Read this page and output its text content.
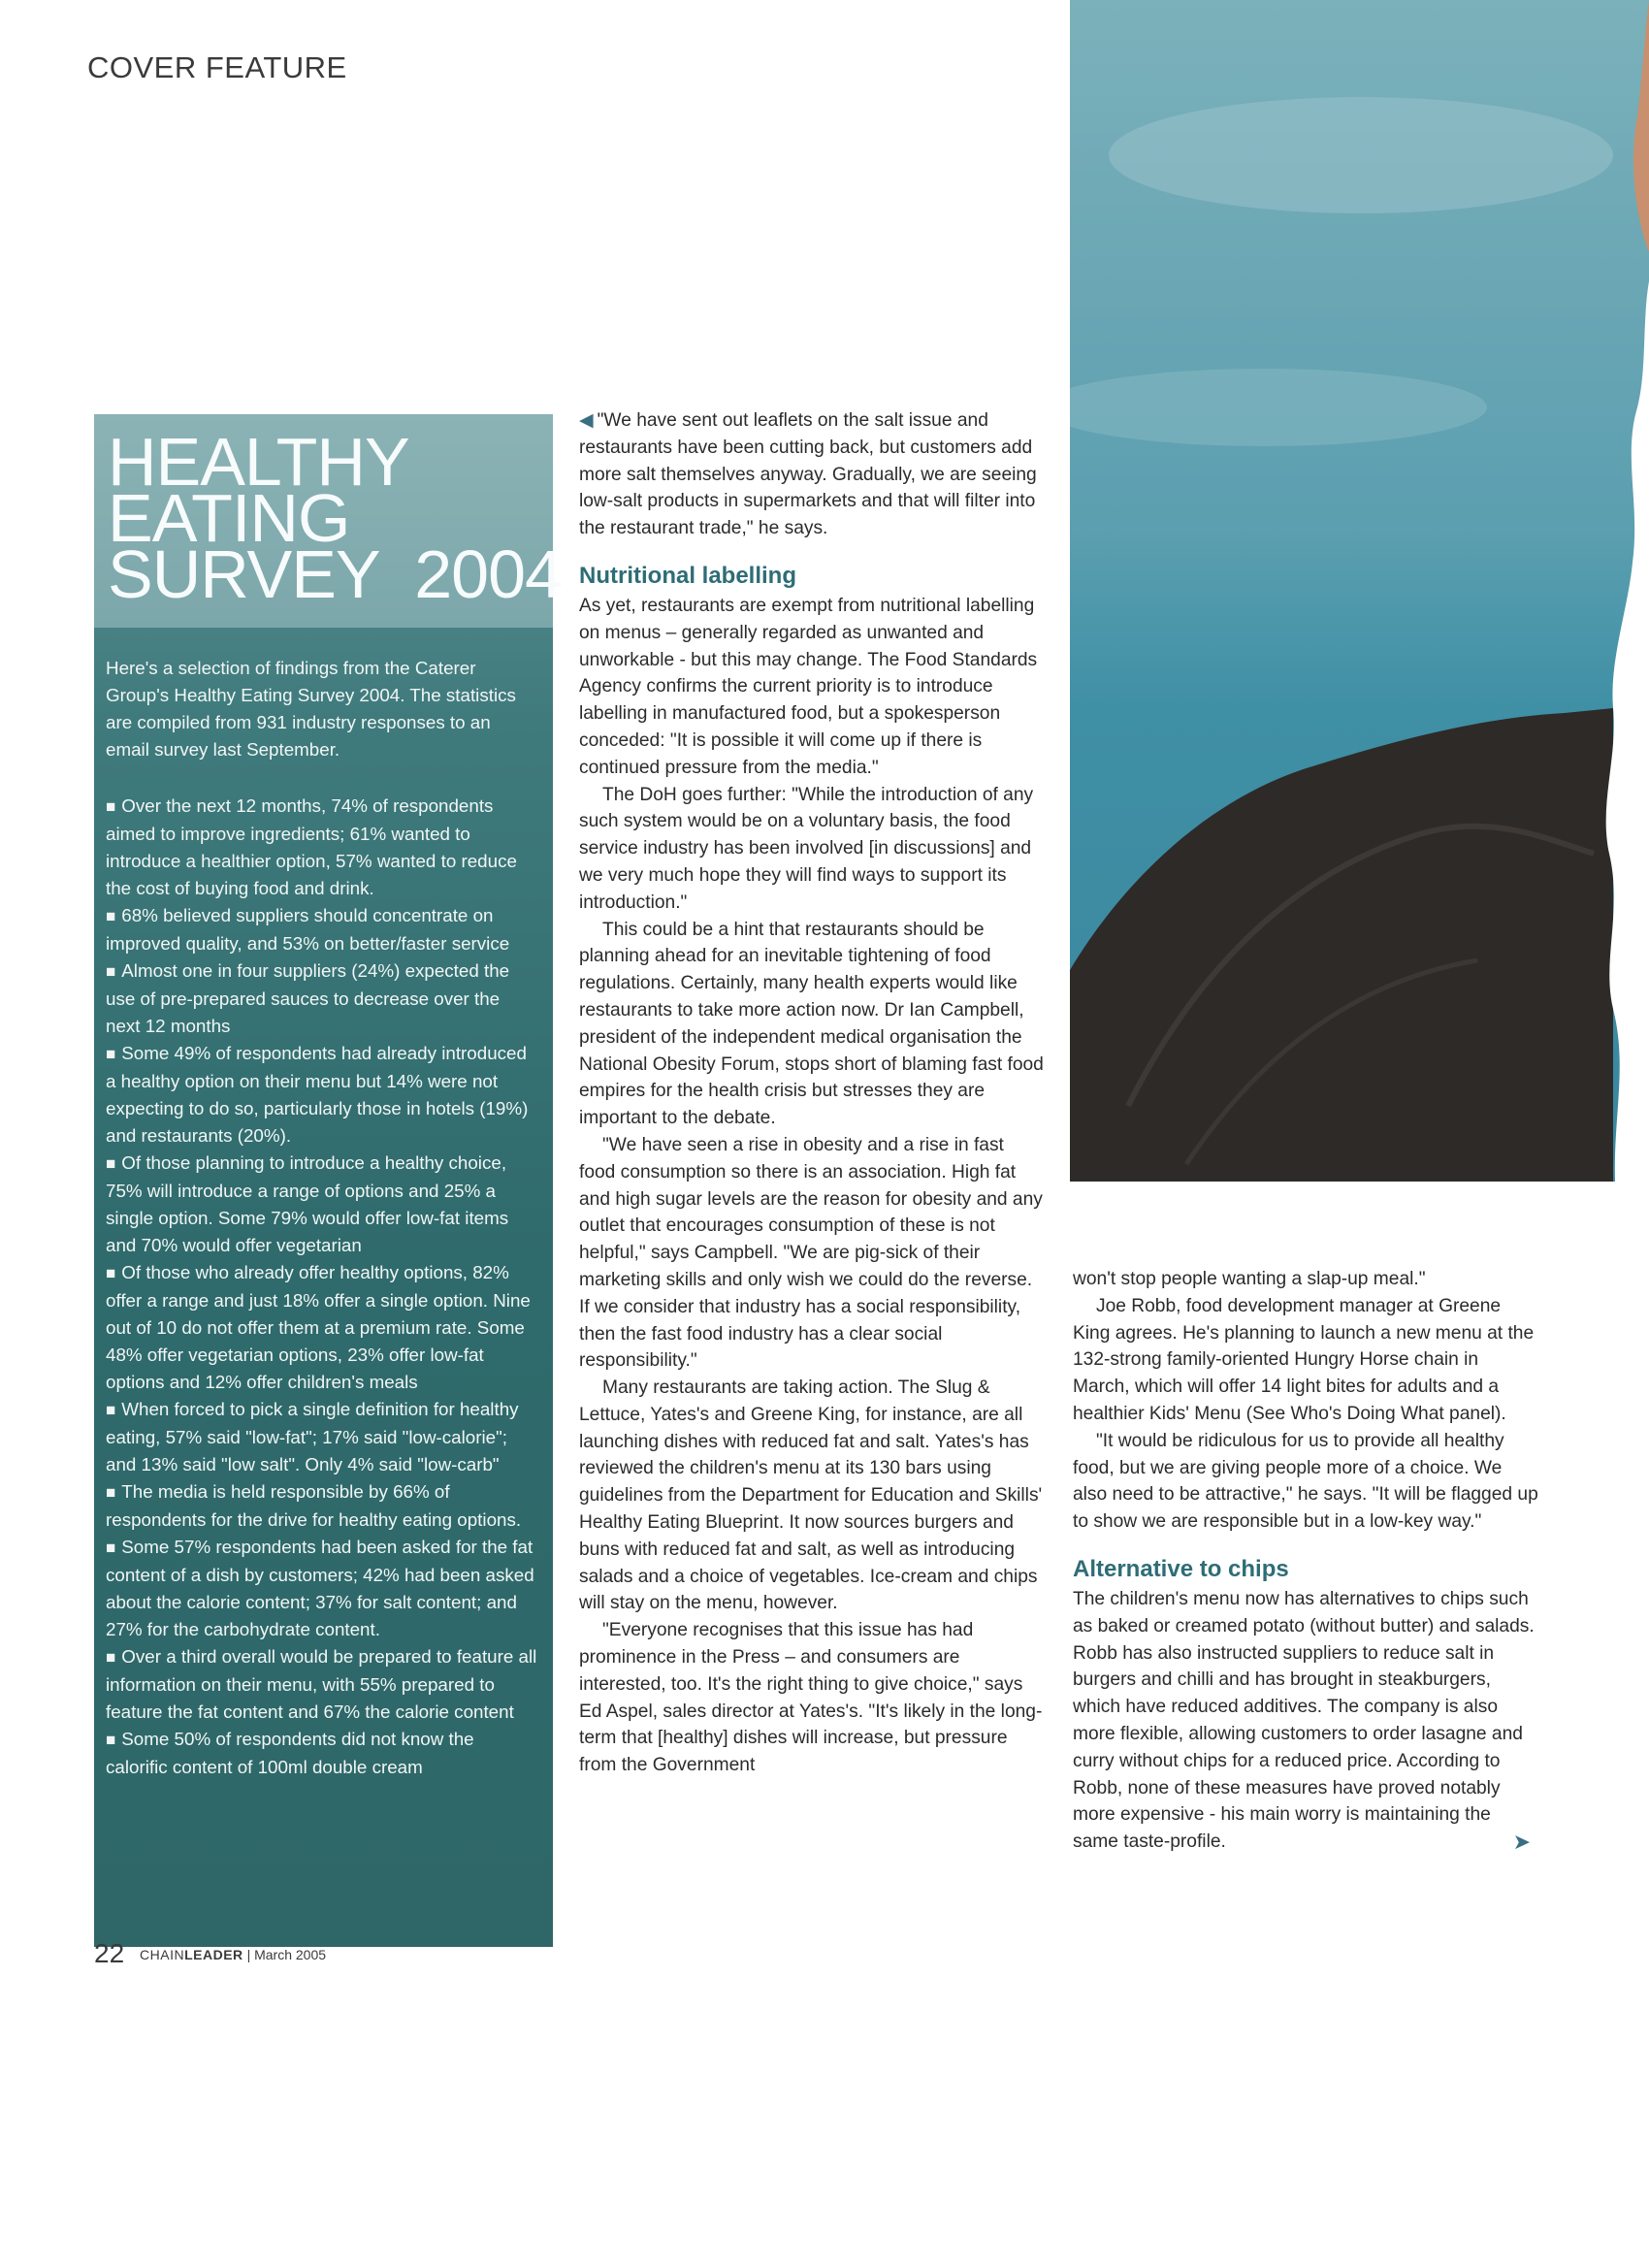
COVER FEATURE
HEALTHY
EATING
SURVEY  2004

Here's a selection of findings from the Caterer Group's Healthy Eating Survey 2004. The statistics are compiled from 931 industry responses to an email survey last September.

■ Over the next 12 months, 74% of respondents aimed to improve ingredients; 61% wanted to introduce a healthier option, 57% wanted to reduce the cost of buying food and drink.

■ 68% believed suppliers should concentrate on improved quality, and 53% on better/faster service

■ Almost one in four suppliers (24%) expected the use of pre-prepared sauces to decrease over the next 12 months

■ Some 49% of respondents had already introduced a healthy option on their menu but 14% were not expecting to do so, particularly those in hotels (19%) and restaurants (20%).

■ Of those planning to introduce a healthy choice, 75% will introduce a range of options and 25% a single option. Some 79% would offer low-fat items and 70% would offer vegetarian

■ Of those who already offer healthy options, 82% offer a range and just 18% offer a single option. Nine out of 10 do not offer them at a premium rate. Some 48% offer vegetarian options, 23% offer low-fat options and 12% offer children's meals

■ When forced to pick a single definition for healthy eating, 57% said "low-fat"; 17% said "low-calorie"; and 13% said "low salt". Only 4% said "low-carb"

■ The media is held responsible by 66% of respondents for the drive for healthy eating options.

■ Some 57% respondents had been asked for the fat content of a dish by customers; 42% had been asked about the calorie content; 37% for salt content; and 27% for the carbohydrate content.

■ Over a third overall would be prepared to feature all information on their menu, with 55% prepared to feature the fat content and 67% the calorie content

■ Some 50% of respondents did not know the calorific content of 100ml double cream

◀ "We have sent out leaflets on the salt issue and restaurants have been cutting back, but customers add more salt themselves anyway. Gradually, we are seeing low-salt products in supermarkets and that will filter into the restaurant trade," he says.

Nutritional labelling

As yet, restaurants are exempt from nutritional labelling on menus – generally regarded as unwanted and unworkable - but this may change. The Food Standards Agency confirms the current priority is to introduce labelling in manufactured food, but a spokesperson conceded: "It is possible it will come up if there is continued pressure from the media."

The DoH goes further: "While the introduction of any such system would be on a voluntary basis, the food service industry has been involved [in discussions] and we very much hope they will find ways to support its introduction."

This could be a hint that restaurants should be planning ahead for an inevitable tightening of food regulations. Certainly, many health experts would like restaurants to take more action now. Dr Ian Campbell, president of the independent medical organisation the National Obesity Forum, stops short of blaming fast food empires for the health crisis but stresses they are important to the debate.

"We have seen a rise in obesity and a rise in fast food consumption so there is an association. High fat and high sugar levels are the reason for obesity and any outlet that encourages consumption of these is not helpful," says Campbell. "We are pig-sick of their marketing skills and only wish we could do the reverse. If we consider that industry has a social responsibility, then the fast food industry has a clear social responsibility."

Many restaurants are taking action. The Slug & Lettuce, Yates's and Greene King, for instance, are all launching dishes with reduced fat and salt. Yates's has reviewed the children's menu at its 130 bars using guidelines from the Department for Education and Skills' Healthy Eating Blueprint. It now sources burgers and buns with reduced fat and salt, as well as introducing salads and a choice of vegetables. Ice-cream and chips will stay on the menu, however.

"Everyone recognises that this issue has had prominence in the Press – and consumers are interested, too. It's the right thing to give choice," says Ed Aspel, sales director at Yates's. "It's likely in the long-term that [healthy] dishes will increase, but pressure from the Government

won't stop people wanting a slap-up meal."

Joe Robb, food development manager at Greene King agrees. He's planning to launch a new menu at the 132-strong family-oriented Hungry Horse chain in March, which will offer 14 light bites for adults and a healthier Kids' Menu (See Who's Doing What panel).

"It would be ridiculous for us to provide all healthy food, but we are giving people more of a choice. We also need to be attractive," he says. "It will be flagged up to show we are responsible but in a low-key way."

Alternative to chips

The children's menu now has alternatives to chips such as baked or creamed potato (without butter) and salads. Robb has also instructed suppliers to reduce salt in burgers and chilli and has brought in steakburgers, which have reduced additives. The company is also more flexible, allowing customers to order lasagne and curry without chips for a reduced price. According to Robb, none of these measures have proved notably more expensive - his main worry is maintaining the same taste-profile.	➤

22 CHAINLEADER | March 2005
